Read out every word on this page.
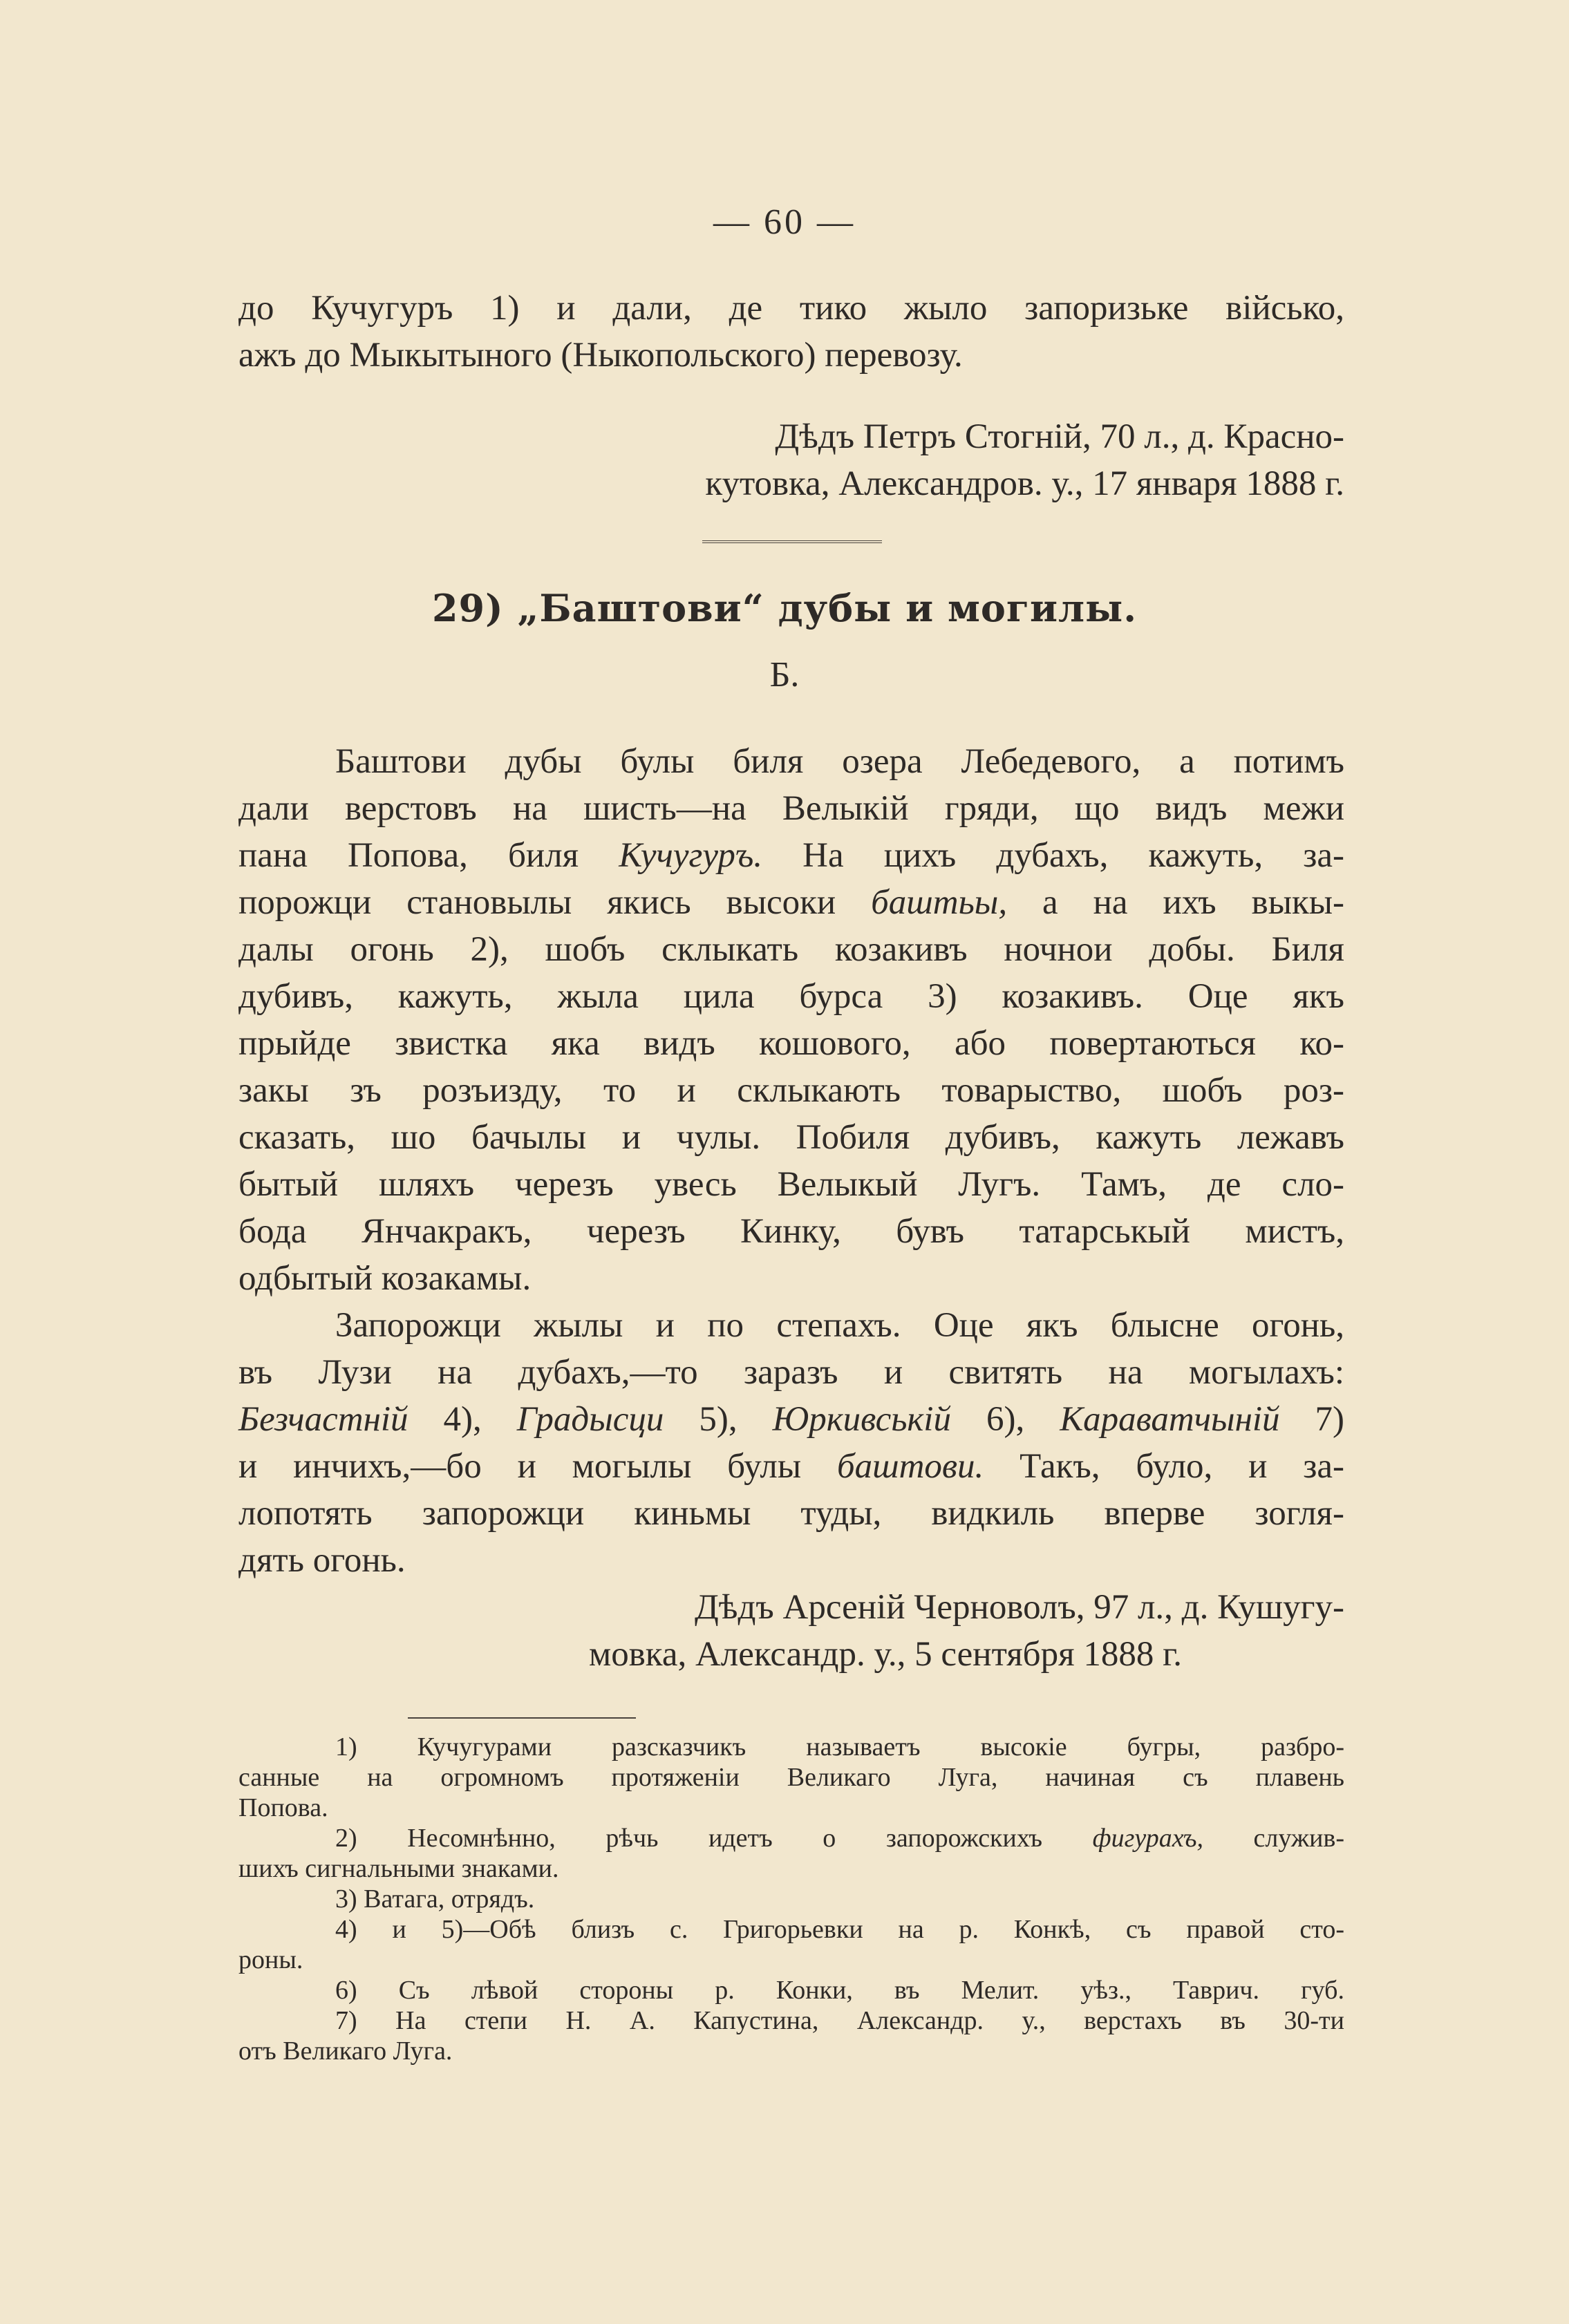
— 60 —
до Кучугуръ 1) и дали, де тико жыло запоризьке військо,
ажъ до Мыкытыного (Ныкопольского) перевозу.
Дѣдъ Петръ Стогній, 70 л., д. Красно-
кутовка, Александров. у., 17 января 1888 г.
29) „Баштови“ дубы и могилы.
Б.
Баштови дубы булы биля озера Лебедевого, а потимъ
дали верстовъ на шисть—на Велыкій гряди, що видъ межи
пана Попова, биля Кучугуръ. На цихъ дубахъ, кажуть, за-
порожци становылы якись высоки баштьы, а на ихъ выкы-
далы огонь 2), шобъ склыкать козакивъ ночнои добы. Биля
дубивъ, кажуть, жыла цила бурса 3) козакивъ. Оце якъ
прыйде звистка яка видъ кошового, або повертаються ко-
закы зъ розъизду, то и склыкають товарыство, шобъ роз-
сказать, шо бачылы и чулы. Побиля дубивъ, кажуть лежавъ
бытый шляхъ черезъ увесь Велыкый Лугъ. Тамъ, де сло-
бода Янчакракъ, черезъ Кинку, бувъ татарськый мистъ,
одбытый козакамы.
Запорожци жылы и по степахъ. Оце якъ блысне огонь,
въ Лузи на дубахъ,—то заразъ и свитять на могылахъ:
Безчастній 4), Градысци 5), Юркивській 6), Караватчыній 7)
и инчихъ,—бо и могылы булы баштови. Такъ, було, и за-
лопотять запорожци киньмы туды, видкиль вперве зогля-
дять огонь.
Дѣдъ Арсеній Черноволъ, 97 л., д. Кушугу-
мовка, Александр. у., 5 сентября 1888 г.
1) Кучугурами разсказчикъ называетъ высокіе бугры, разбро-
санные на огромномъ протяженіи Великаго Луга, начиная съ плавень
Попова.
2) Несомнѣнно, рѣчь идетъ о запорожскихъ фигурахъ, служив-
шихъ сигнальными знаками.
3) Ватага, отрядъ.
4) и 5)—Обѣ близъ с. Григорьевки на р. Конкѣ, съ правой сто-
роны.
6) Съ лѣвой стороны р. Конки, въ Мелит. уѣз., Таврич. губ.
7) На степи Н. А. Капустина, Александр. у., верстахъ въ 30-ти
отъ Великаго Луга.
